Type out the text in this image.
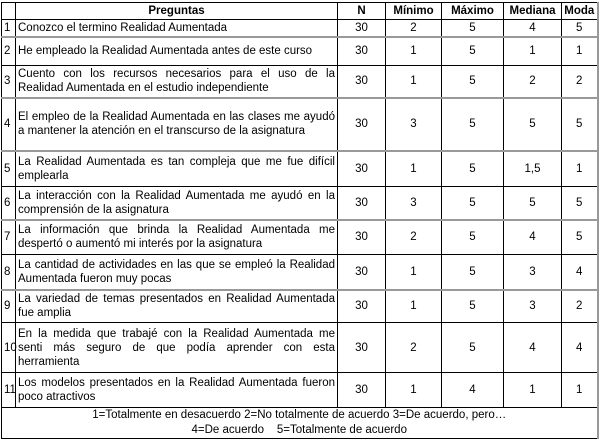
	Preguntas	N	Mínimo	Máximo	Mediana	Moda
1	Conozco el termino Realidad Aumentada	30	2	5	4	5
2	He empleado la Realidad Aumentada antes de este curso	30	1	5	1	1
3	Cuento con los recursos necesarios para el uso de la Realidad Aumentada en el estudio independiente	30	1	5	2	2
4	El empleo de la Realidad Aumentada en las clases me ayudó a mantener la atención en el transcurso de la asignatura	30	3	5	5	5
5	La Realidad Aumentada es tan compleja que me fue difícil emplearla	30	1	5	1,5	1
6	La interacción con la Realidad Aumentada me ayudó en la comprensión de la asignatura	30	3	5	5	5
7	La información que brinda la Realidad Aumentada me despertó o aumentó mi interés por la asignatura	30	2	5	4	5
8	La cantidad de actividades en las que se empleó la Realidad Aumentada fueron muy pocas	30	1	5	3	4
9	La variedad de temas presentados en Realidad Aumentada fue amplia	30	1	5	3	2
10	En la medida que trabajé con la Realidad Aumentada me senti más seguro de que podía aprender con esta herramienta	30	2	5	4	4
11	Los modelos presentados en la Realidad Aumentada fueron poco atractivos	30	1	4	1	1

1=Totalmente en desacuerdo 2=No totalmente de acuerdo 3=De acuerdo, pero…
4=De acuerdo    5=Totalmente de acuerdo						
